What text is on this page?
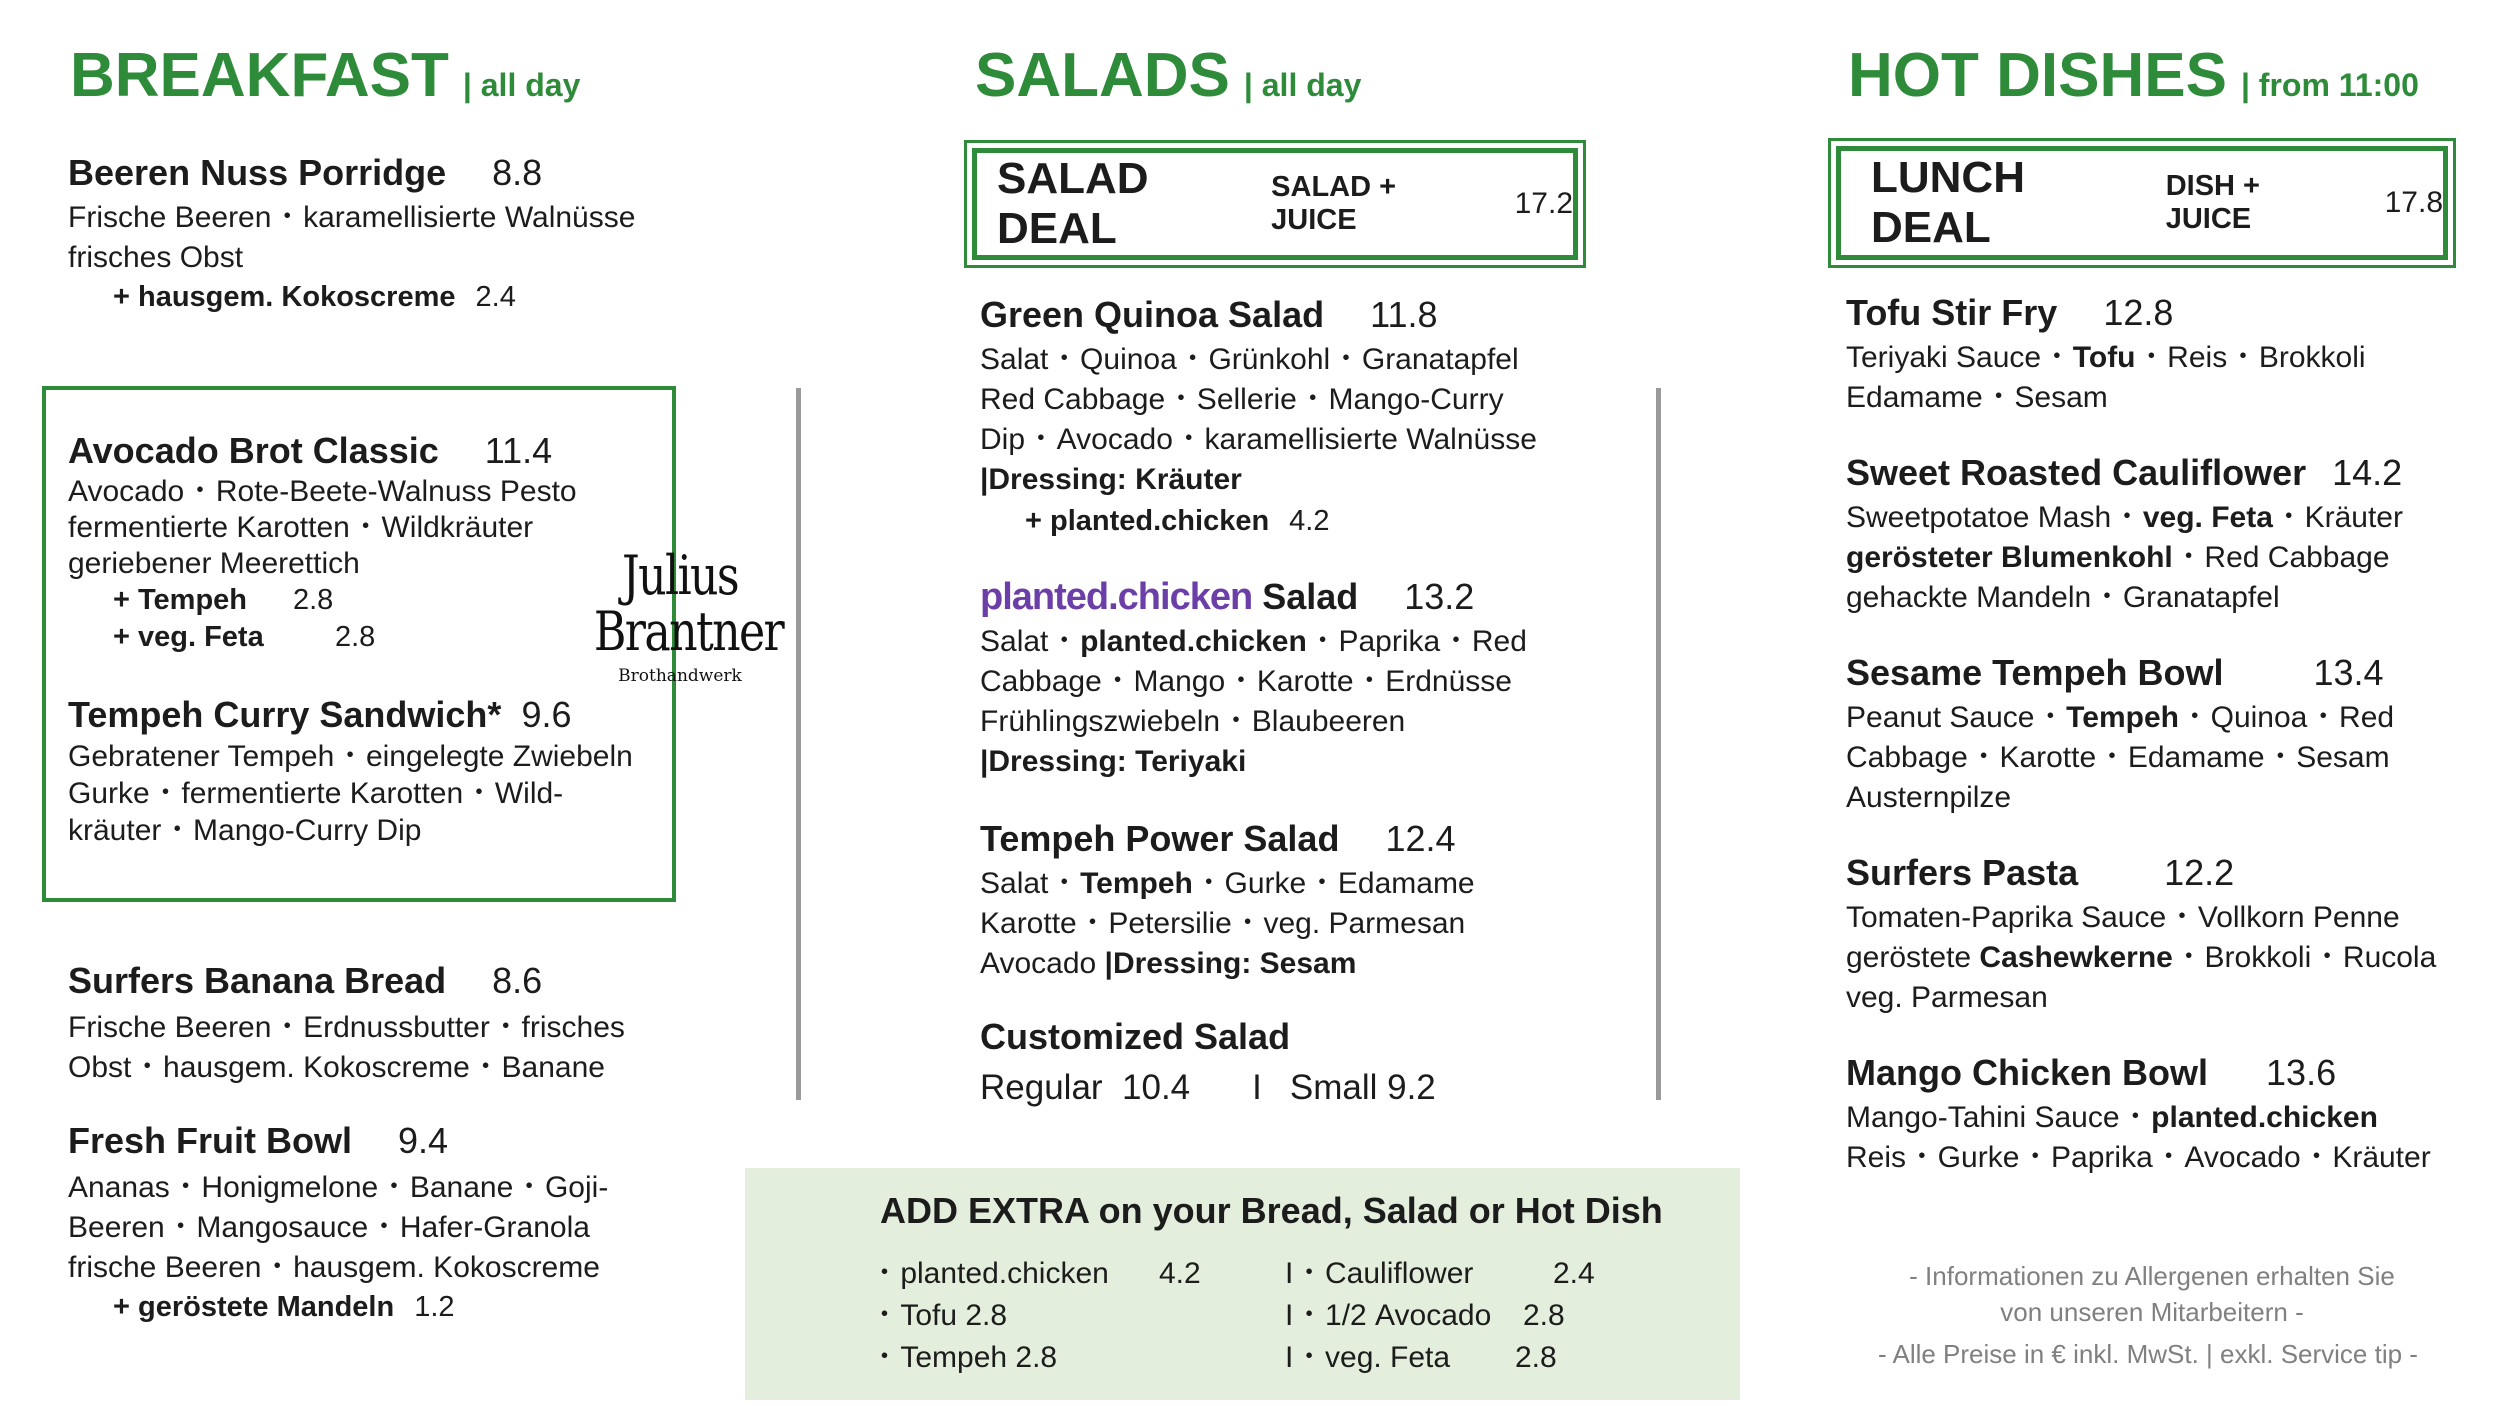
BREAKFAST | all day
Beeren Nuss Porridge 8.8
Frische Beeren ･ karamellisierte Walnüsse
frisches Obst
+ hausgem. Kokoscreme 2.4
Avocado Brot Classic 11.4
Avocado ･ Rote-Beete-Walnuss Pesto
fermentierte Karotten ･ Wildkräuter
geriebener Meerettich
+ Tempeh 2.8
+ veg. Feta 2.8
Julius
Brantner
Brothandwerk
Tempeh Curry Sandwich* 9.6
Gebratener Tempeh ･ eingelegte Zwiebeln
Gurke ･ fermentierte Karotten ･ Wild-
kräuter ･ Mango-Curry Dip
Surfers Banana Bread 8.6
Frische Beeren ･ Erdnussbutter ･ frisches
Obst ･ hausgem. Kokoscreme ･ Banane
Fresh Fruit Bowl 9.4
Ananas ･ Honigmelone ･ Banane ･ Goji-
Beeren ･ Mangosauce ･ Hafer-Granola
frische Beeren ･ hausgem. Kokoscreme
+ geröstete Mandeln 1.2
SALADS | all day
SALAD DEAL
SALAD + JUICE	17.2
Green Quinoa Salad 11.8
Salat ･ Quinoa ･ Grünkohl ･ Granatapfel
Red Cabbage ･ Sellerie ･ Mango-Curry
Dip ･ Avocado ･ karamellisierte Walnüsse
|Dressing: Kräuter
+ planted.chicken 4.2
planted.chicken Salad 13.2
Salat ･ planted.chicken ･ Paprika ･ Red
Cabbage ･ Mango ･ Karotte ･ Erdnüsse
Frühlingszwiebeln ･ Blaubeeren
|Dressing: Teriyaki
Tempeh Power Salad 12.4
Salat ･ Tempeh ･ Gurke ･ Edamame
Karotte ･ Petersilie ･ veg. Parmesan
Avocado |Dressing: Sesam
Customized Salad
Regular  10.4 I Small 9.2
ADD EXTRA on your Bread, Salad or Hot Dish
･ planted.chicken 4.2
･ Tofu 2.8
･ Tempeh 2.8
I ･ Cauliflower	2.4
I ･ 1/2 Avocado 2.8
I ･ veg. Feta 2.8
HOT DISHES | from 11:00
LUNCH DEAL
DISH + JUICE	17.8
Tofu Stir Fry 12.8
Teriyaki Sauce ･ Tofu ･ Reis ･ Brokkoli
Edamame ･ Sesam
Sweet Roasted Cauliflower 14.2
Sweetpotatoe Mash ･ veg. Feta ･ Kräuter
gerösteter Blumenkohl ･ Red Cabbage
gehackte Mandeln ･ Granatapfel
Sesame Tempeh Bowl	13.4
Peanut Sauce ･ Tempeh ･ Quinoa ･ Red
Cabbage ･ Karotte ･ Edamame ･ Sesam
Austernpilze
Surfers Pasta 12.2
Tomaten-Paprika Sauce ･ Vollkorn Penne
geröstete Cashewkerne ･ Brokkoli ･ Rucola
veg. Parmesan
Mango Chicken Bowl 13.6
Mango-Tahini Sauce ･ planted.chicken
Reis ･ Gurke ･ Paprika ･ Avocado ･ Kräuter
- Informationen zu Allergenen erhalten Sie
von unseren Mitarbeitern -
- Alle Preise in € inkl. MwSt. | exkl. Service tip -
